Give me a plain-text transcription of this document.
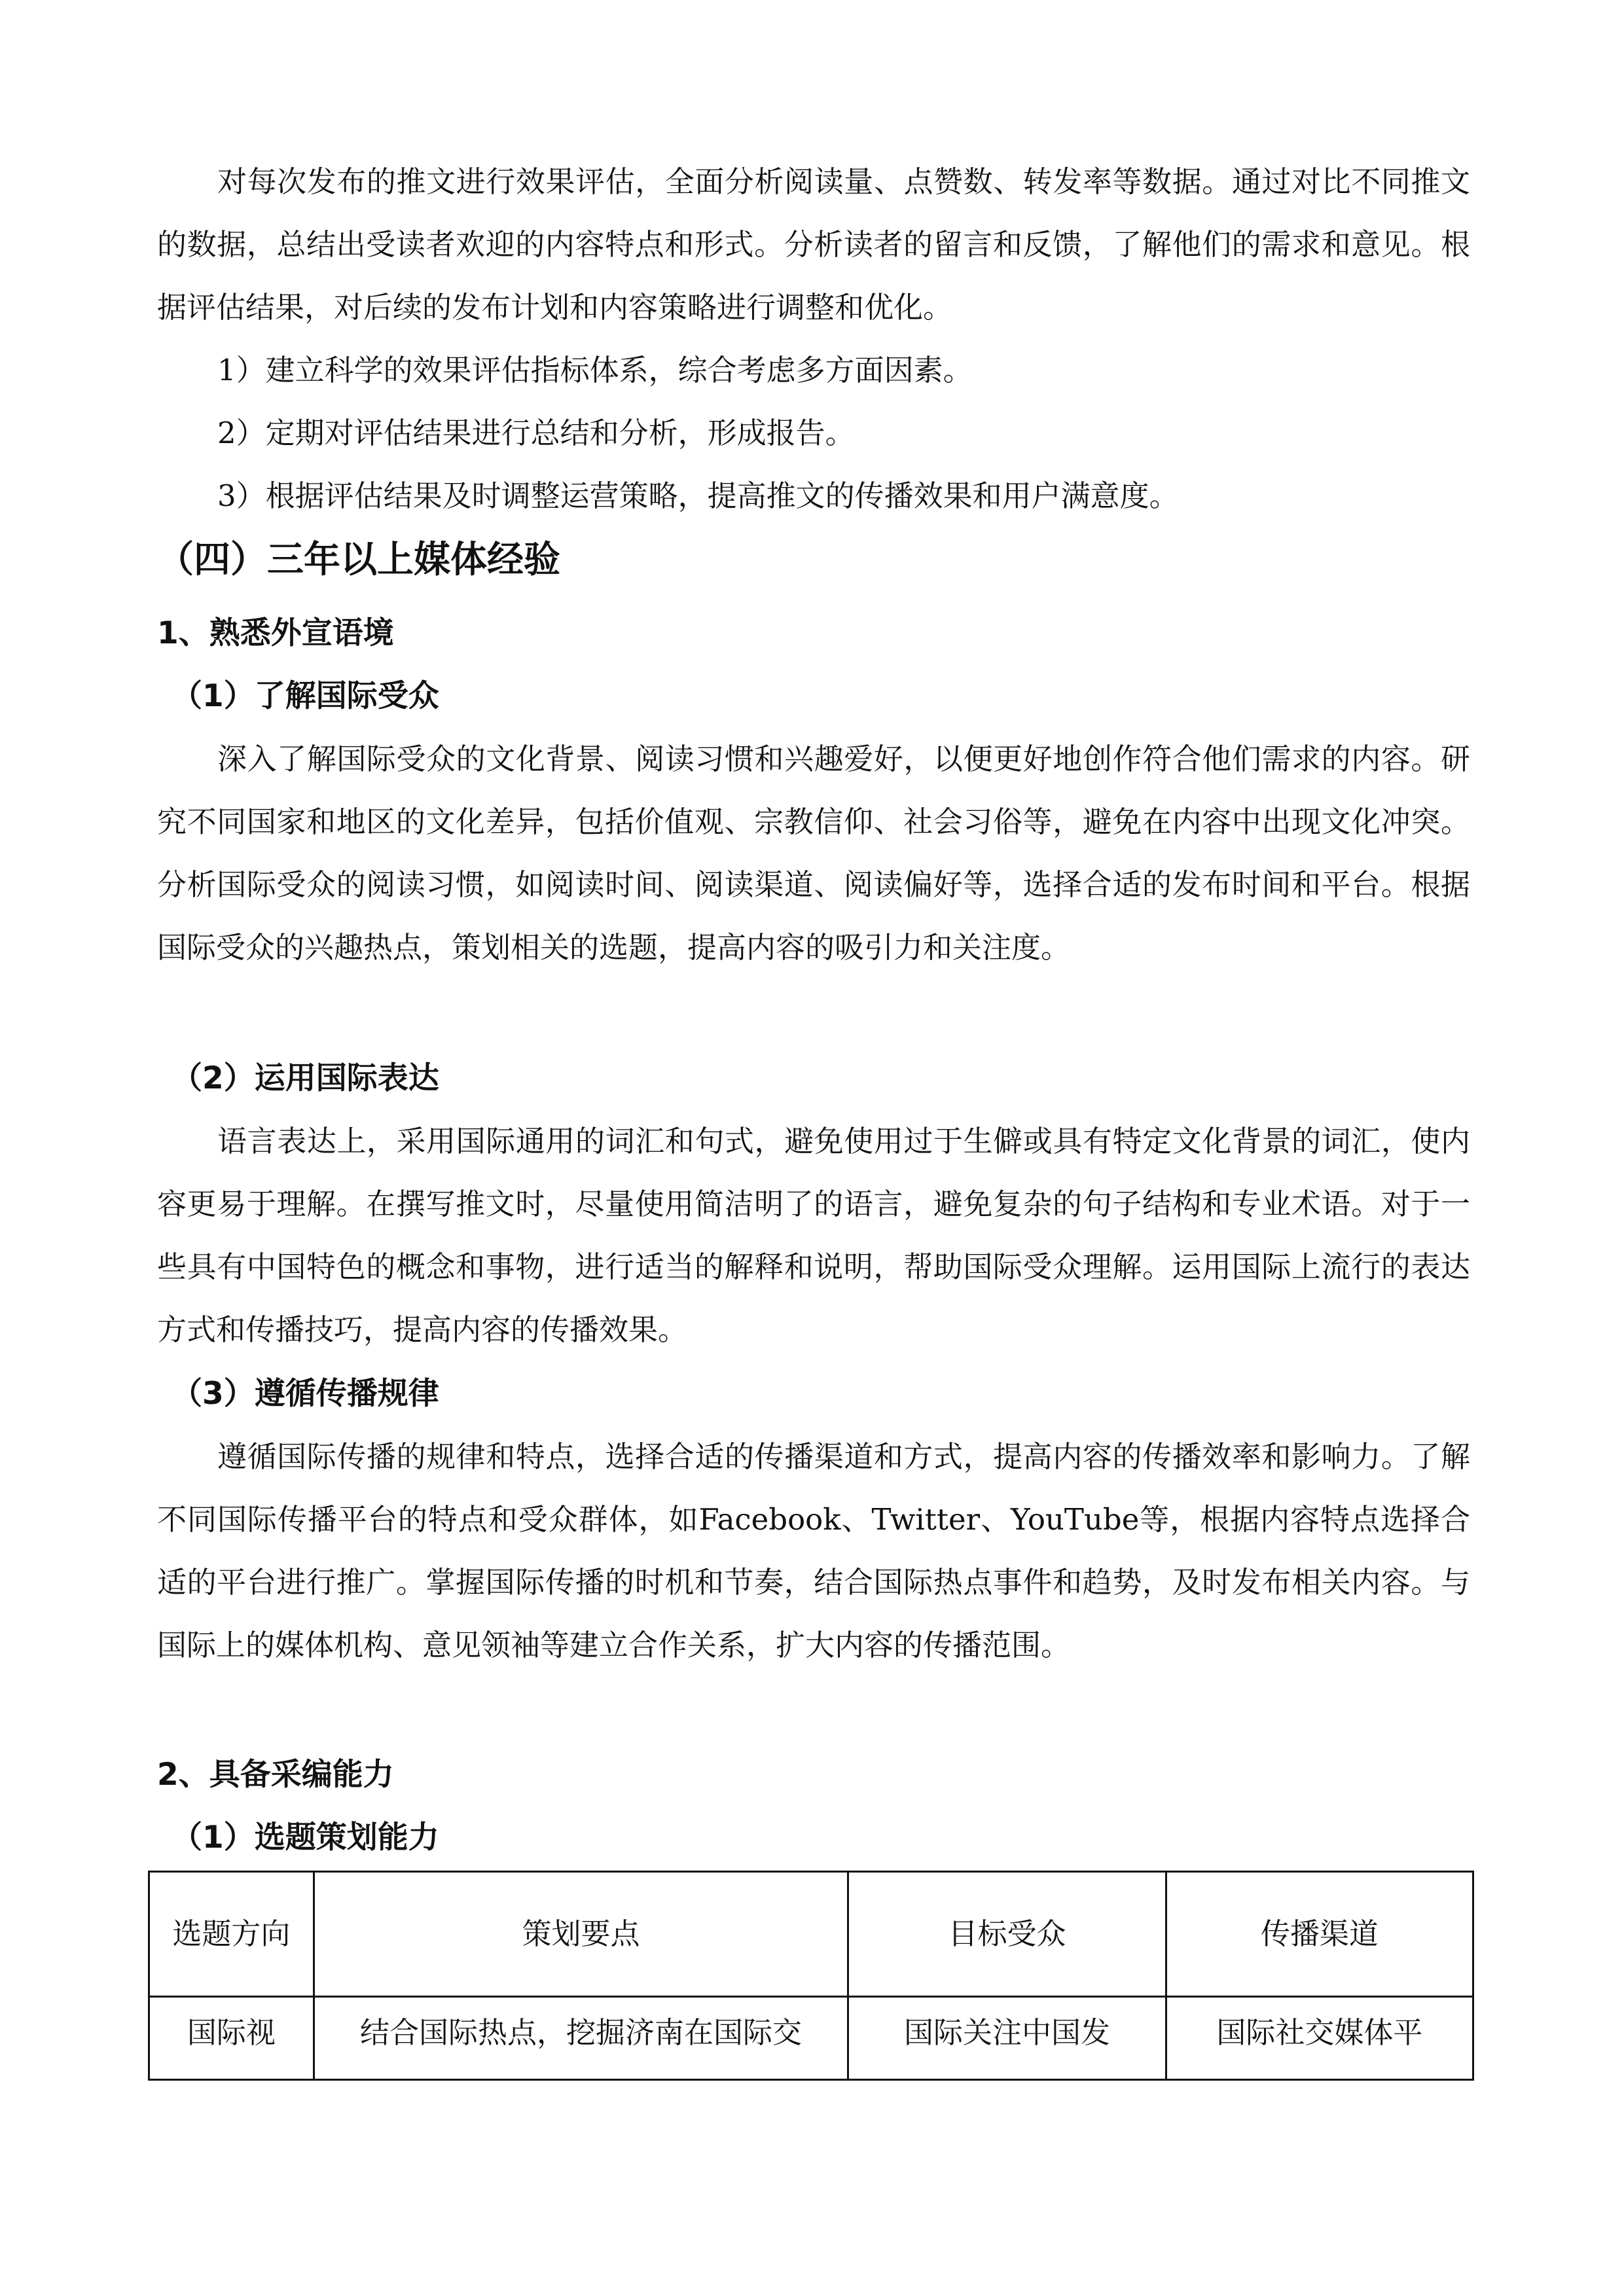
对每次发布的推文进行效果评估，全面分析阅读量、点赞数、转发率等数据。通过对比不同推文的数据，总结出受读者欢迎的内容特点和形式。分析读者的留言和反馈，了解他们的需求和意见。根据评估结果，对后续的发布计划和内容策略进行调整和优化。

1）建立科学的效果评估指标体系，综合考虑多方面因素。

2）定期对评估结果进行总结和分析，形成报告。

3）根据评估结果及时调整运营策略，提高推文的传播效果和用户满意度。

（四）三年以上媒体经验
1、熟悉外宣语境
（1）了解国际受众

深入了解国际受众的文化背景、阅读习惯和兴趣爱好，以便更好地创作符合他们需求的内容。研究不同国家和地区的文化差异，包括价值观、宗教信仰、社会习俗等，避免在内容中出现文化冲突。分析国际受众的阅读习惯，如阅读时间、阅读渠道、阅读偏好等，选择合适的发布时间和平台。根据国际受众的兴趣热点，策划相关的选题，提高内容的吸引力和关注度。

（2）运用国际表达

语言表达上，采用国际通用的词汇和句式，避免使用过于生僻或具有特定文化背景的词汇，使内容更易于理解。在撰写推文时，尽量使用简洁明了的语言，避免复杂的句子结构和专业术语。对于一些具有中国特色的概念和事物，进行适当的解释和说明，帮助国际受众理解。运用国际上流行的表达方式和传播技巧，提高内容的传播效果。

（3）遵循传播规律

遵循国际传播的规律和特点，选择合适的传播渠道和方式，提高内容的传播效率和影响力。了解不同国际传播平台的特点和受众群体，如Facebook、Twitter、YouTube等，根据内容特点选择合适的平台进行推广。掌握国际传播的时机和节奏，结合国际热点事件和趋势，及时发布相关内容。与国际上的媒体机构、意见领袖等建立合作关系，扩大内容的传播范围。

2、具备采编能力
（1）选题策划能力
选题方向	策划要点	目标受众	传播渠道
国际视	结合国际热点，挖掘济南在国际交	国际关注中国发	国际社交媒体平
